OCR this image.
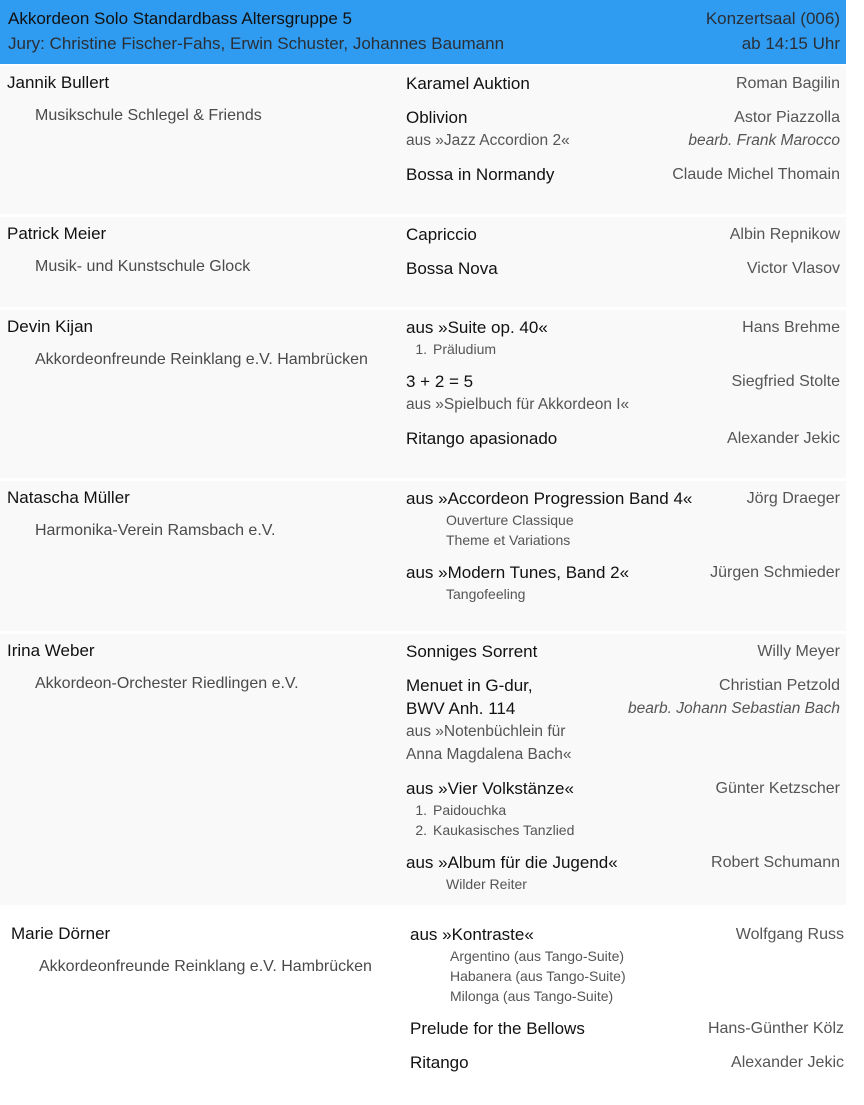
Akkordeon Solo Standardbass Altersgruppe 5	Konzertsaal (006)
Jury: Christine Fischer-Fahs, Erwin Schuster, Johannes Baumann	ab 14:15 Uhr
Jannik Bullert
Musikschule Schlegel & Friends
Karamel Auktion	Roman Bagilin
Oblivion	Astor Piazzolla
aus »Jazz Accordion 2«	bearb. Frank Marocco
Bossa in Normandy	Claude Michel Thomain
Patrick Meier
Musik- und Kunstschule Glock
Capriccio	Albin Repnikow
Bossa Nova	Victor Vlasov
Devin Kijan
Akkordeonfreunde Reinklang e.V. Hambrücken
aus »Suite op. 40«	Hans Brehme
1. Präludium
3 + 2 = 5	Siegfried Stolte
aus »Spielbuch für Akkordeon I«
Ritango apasionado	Alexander Jekic
Natascha Müller
Harmonika-Verein Ramsbach e.V.
aus »Accordeon Progression Band 4«	Jörg Draeger
Ouverture Classique
Theme et Variations
aus »Modern Tunes, Band 2«	Jürgen Schmieder
Tangofeeling
Irina Weber
Akkordeon-Orchester Riedlingen e.V.
Sonniges Sorrent	Willy Meyer
Menuet in G-dur,	Christian Petzold
BWV Anh. 114	bearb. Johann Sebastian Bach
aus »Notenbüchlein für
Anna Magdalena Bach«
aus »Vier Volkstänze«	Günter Ketzscher
1. Paidouchka
2. Kaukasisches Tanzlied
aus »Album für die Jugend«	Robert Schumann
Wilder Reiter
Marie Dörner
Akkordeonfreunde Reinklang e.V. Hambrücken
aus »Kontraste«	Wolfgang Russ
Argentino (aus Tango-Suite)
Habanera (aus Tango-Suite)
Milonga (aus Tango-Suite)
Prelude for the Bellows	Hans-Günther Kölz
Ritango	Alexander Jekic
